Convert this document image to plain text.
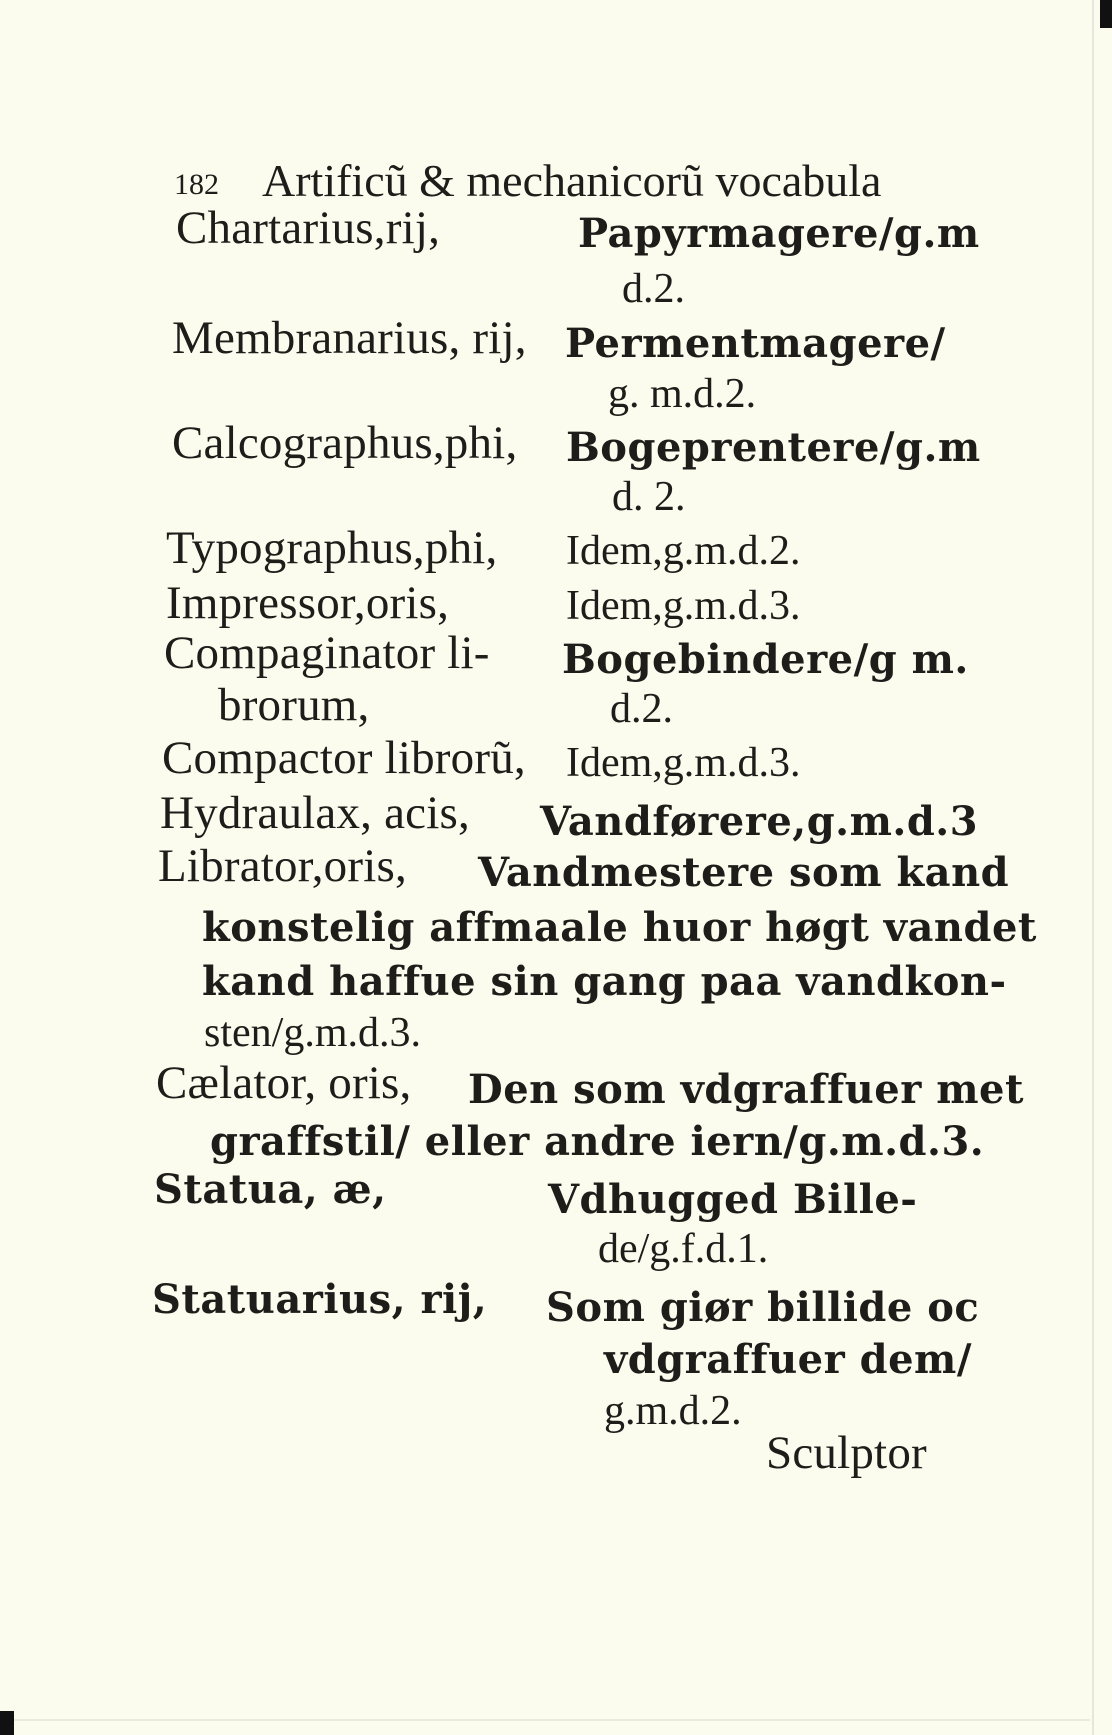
182 Artificũ & mechanicorũ vocabula
Chartarius,rij,	Papyrmagere/g.m
d.2.
Membranarius, rij, Permentmagere/
g. m.d.2.
Calcographus,phi, Bogeprentere/g.m
d. 2.
Typographus,phi, Idem,g.m.d.2.
Impressor,oris,	Idem,g.m.d.3.
Compaginator li- Bogebindere/g m.
brorum,	d.2.
Compactor librorũ, Idem,g.m.d.3.
Hydraulax, acis, Vandførere,g.m.d.3
Librator,oris, Vandmestere som kand
konstelig affmaale huor høgt vandet
kand haffue sin gang paa vandkon-
sten/g.m.d.3.
Cælator, oris, Den som vdgraffuer met
graffstil/ eller andre iern/g.m.d.3.
Statua, æ,	Vdhugged Bille-
de/g.f.d.1.
Statuarius, rij, Som giør billide oc
vdgraffuer dem/
g.m.d.2.
Sculptor
